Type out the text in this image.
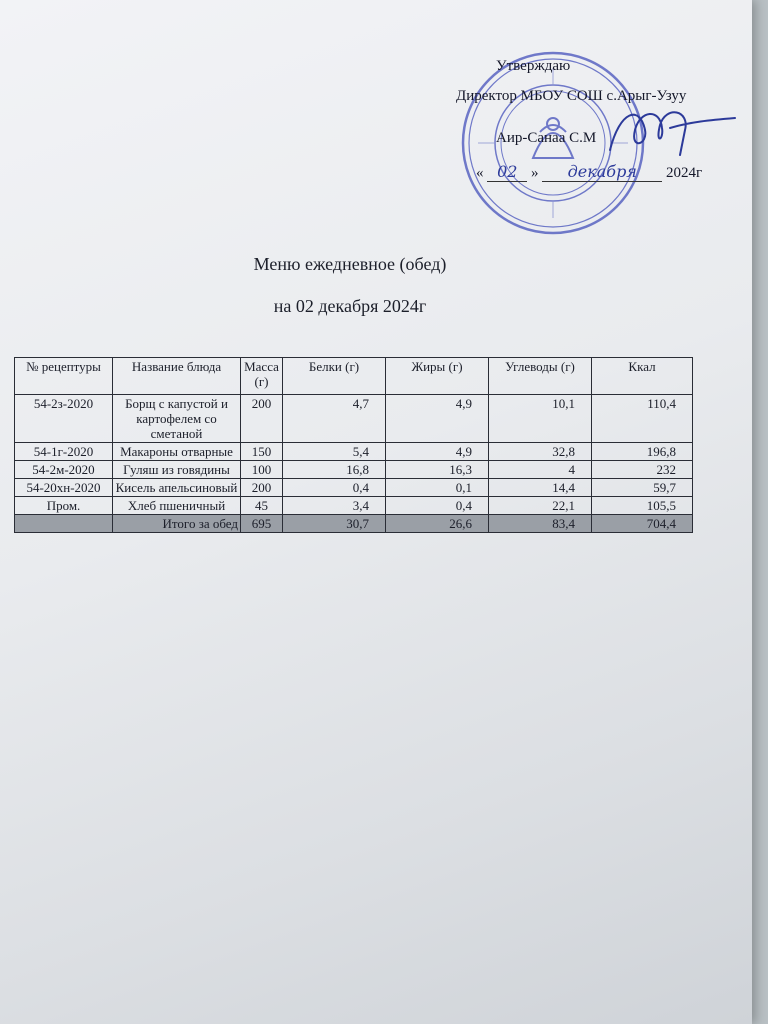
Утверждаю
Директор МБОУ СОШ с.Арыг-Узуу
Аир-Санаа С.М
« 02 » декабря 2024г
Меню ежедневное (обед)
на 02 декабря 2024г
№ рецептуры	Название блюда	Масса (г)	Белки (г)	Жиры (г)	Углеводы (г)	Ккал
54-2з-2020	Борщ с капустой и картофелем со сметаной	200	4,7	4,9	10,1	110,4
54-1г-2020	Макароны отварные	150	5,4	4,9	32,8	196,8
54-2м-2020	Гуляш из говядины	100	16,8	16,3	4	232
54-20хн-2020	Кисель апельсиновый	200	0,4	0,1	14,4	59,7
Пром.	Хлеб пшеничный	45	3,4	0,4	22,1	105,5
	Итого за обед	695	30,7	26,6	83,4	704,4
